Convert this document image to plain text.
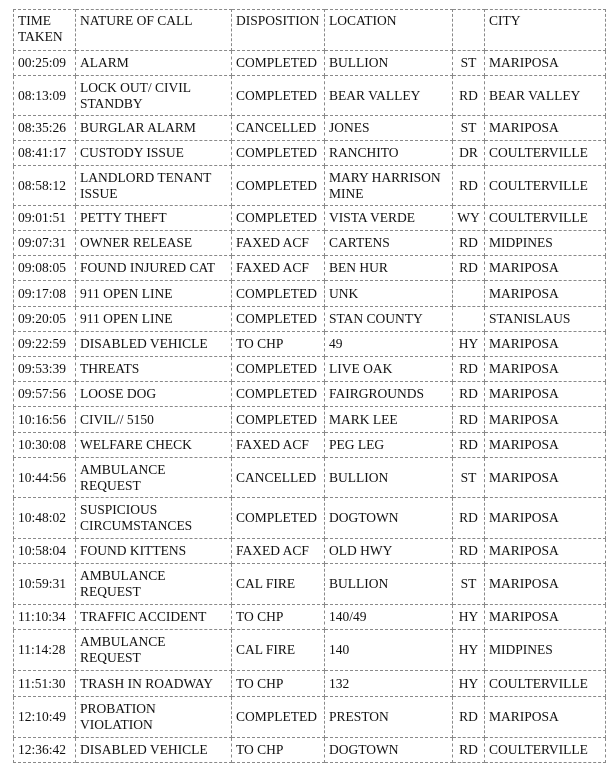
TIME TAKEN	NATURE OF CALL	DISPOSITION	LOCATION		CITY
00:25:09	ALARM	COMPLETED	BULLION	ST	MARIPOSA
08:13:09	LOCK OUT/ CIVIL STANDBY	COMPLETED	BEAR VALLEY	RD	BEAR VALLEY
08:35:26	BURGLAR ALARM	CANCELLED	JONES	ST	MARIPOSA
08:41:17	CUSTODY ISSUE	COMPLETED	RANCHITO	DR	COULTERVILLE
08:58:12	LANDLORD TENANT ISSUE	COMPLETED	MARY HARRISON MINE	RD	COULTERVILLE
09:01:51	PETTY THEFT	COMPLETED	VISTA VERDE	WY	COULTERVILLE
09:07:31	OWNER RELEASE	FAXED ACF	CARTENS	RD	MIDPINES
09:08:05	FOUND INJURED CAT	FAXED ACF	BEN HUR	RD	MARIPOSA
09:17:08	911 OPEN LINE	COMPLETED	UNK		MARIPOSA
09:20:05	911 OPEN LINE	COMPLETED	STAN COUNTY		STANISLAUS
09:22:59	DISABLED VEHICLE	TO CHP	49	HY	MARIPOSA
09:53:39	THREATS	COMPLETED	LIVE OAK	RD	MARIPOSA
09:57:56	LOOSE DOG	COMPLETED	FAIRGROUNDS	RD	MARIPOSA
10:16:56	CIVIL// 5150	COMPLETED	MARK LEE	RD	MARIPOSA
10:30:08	WELFARE CHECK	FAXED ACF	PEG LEG	RD	MARIPOSA
10:44:56	AMBULANCE REQUEST	CANCELLED	BULLION	ST	MARIPOSA
10:48:02	SUSPICIOUS CIRCUMSTANCES	COMPLETED	DOGTOWN	RD	MARIPOSA
10:58:04	FOUND KITTENS	FAXED ACF	OLD HWY	RD	MARIPOSA
10:59:31	AMBULANCE REQUEST	CAL FIRE	BULLION	ST	MARIPOSA
11:10:34	TRAFFIC ACCIDENT	TO CHP	140/49	HY	MARIPOSA
11:14:28	AMBULANCE REQUEST	CAL FIRE	140	HY	MIDPINES
11:51:30	TRASH IN ROADWAY	TO CHP	132	HY	COULTERVILLE
12:10:49	PROBATION VIOLATION	COMPLETED	PRESTON	RD	MARIPOSA
12:36:42	DISABLED VEHICLE	TO CHP	DOGTOWN	RD	COULTERVILLE
